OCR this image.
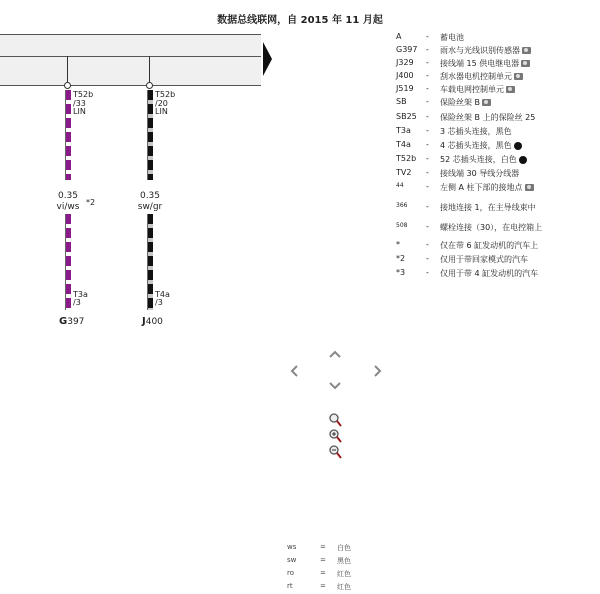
数据总线联网，自 2015 年 11 月起
T52b
/33
LIN
0.35
vi/ws *2
T3a
/3
G397
T52b
/20
LIN
0.35
sw/gr
T4a
/3
J400
A	- 蓄电池
G397 - 雨水与光线识别传感器
J329 - 接线端 15 供电继电器
J400 - 刮水器电机控制单元
J519 - 车载电网控制单元
SB - 保险丝架 B
SB25 - 保险丝架 B 上的保险丝 25
T3a - 3 芯插头连接，黑色
T4a - 4 芯插头连接，黑色
T52b - 52 芯插头连接，白色
TV2 - 接线端 30 导线分线器
44	- 左侧 A 柱下部的接地点
366 - 接地连接 1，在主导线束中
508 - 螺栓连接（30），在电控箱上
*	- 仅在带 6 缸发动机的汽车上
*2	- 仅用于带回家模式的汽车
*3	- 仅用于带 4 缸发动机的汽车
ws	= 白色
sw	= 黑色
ro	= 红色
rt	= 红色
